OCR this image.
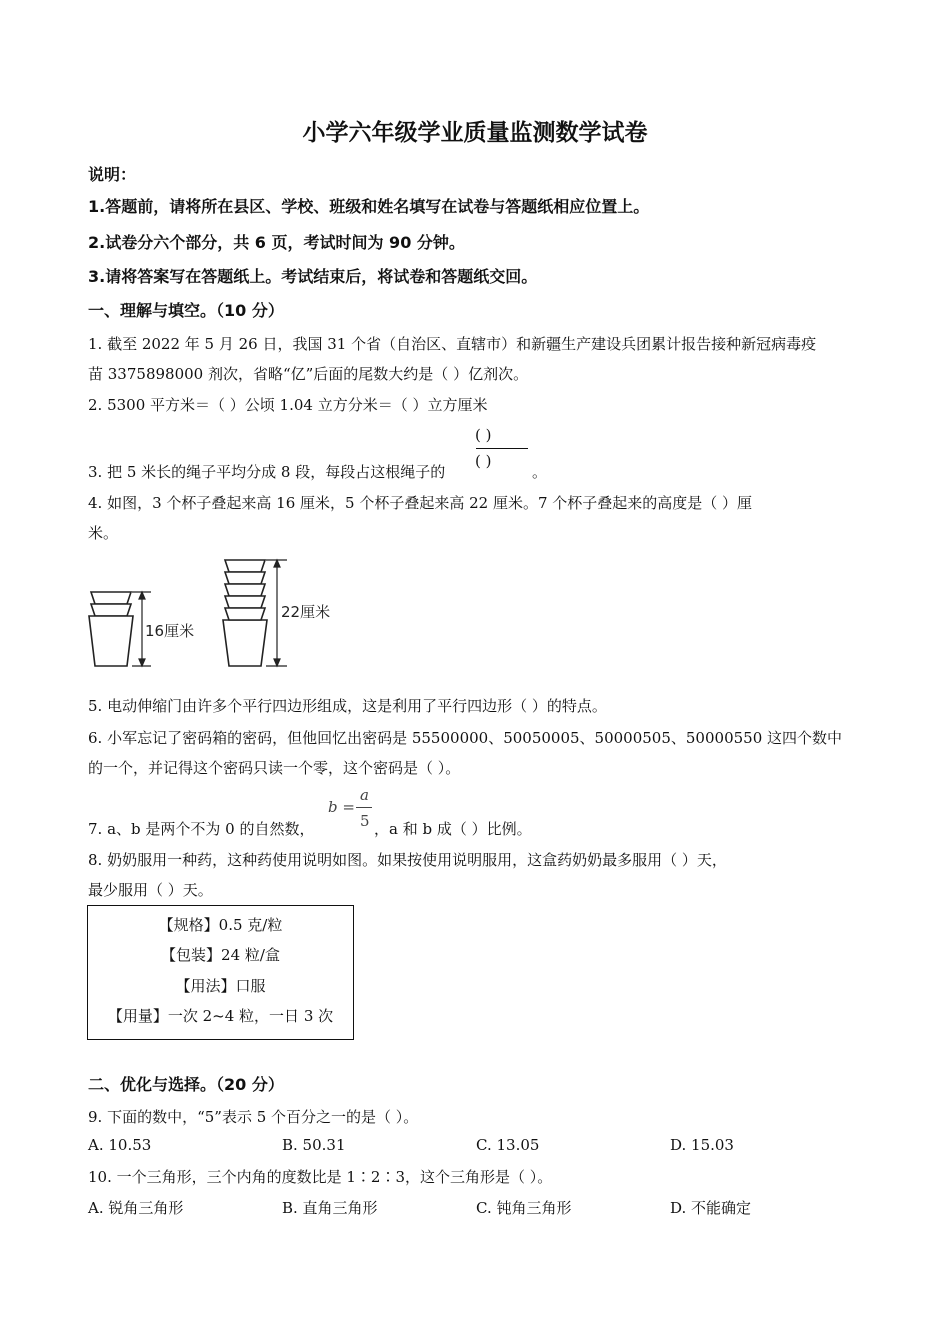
小学六年级学业质量监测数学试卷
说明：
1.答题前，请将所在县区、学校、班级和姓名填写在试卷与答题纸相应位置上。
2.试卷分六个部分，共 6 页，考试时间为 90 分钟。
3.请将答案写在答题纸上。考试结束后，将试卷和答题纸交回。
一、理解与填空。（10 分）
1. 截至 2022 年 5 月 26 日，我国 31 个省（自治区、直辖市）和新疆生产建设兵团累计报告接种新冠病毒疫
苗 3375898000 剂次，省略“亿”后面的尾数大约是（ ）亿剂次。
2. 5300 平方米＝（ ）公顷 1.04 立方分米＝（ ）立方厘米
3. 把 5 米长的绳子平均分成 8 段，每段占这根绳子的
( )
( )
。
4. 如图，3 个杯子叠起来高 16 厘米，5 个杯子叠起来高 22 厘米。7 个杯子叠起来的高度是（ ）厘
米。
16厘米
22厘米
5. 电动伸缩门由许多个平行四边形组成，这是利用了平行四边形（ ）的特点。
6. 小军忘记了密码箱的密码，但他回忆出密码是 55500000、50050005、50000505、50000550 这四个数中
的一个，并记得这个密码只读一个零，这个密码是（ ）。
7. a、b 是两个不为 0 的自然数，
b =
a
5 ，a 和 b 成（ ）比例。
8. 奶奶服用一种药，这种药使用说明如图。如果按使用说明服用，这盒药奶奶最多服用（ ）天，
最少服用（ ）天。
【规格】0.5 克/粒
【包装】24 粒/盒
【用法】口服
【用量】一次 2~4 粒，一日 3 次
二、优化与选择。（20 分）
9. 下面的数中，“5”表示 5 个百分之一的是（ ）。
A. 10.53	B. 50.31	C. 13.05	D. 15.03
10. 一个三角形，三个内角的度数比是 1∶2∶3，这个三角形是（ ）。
A. 锐角三角形	B. 直角三角形	C. 钝角三角形	D. 不能确定
